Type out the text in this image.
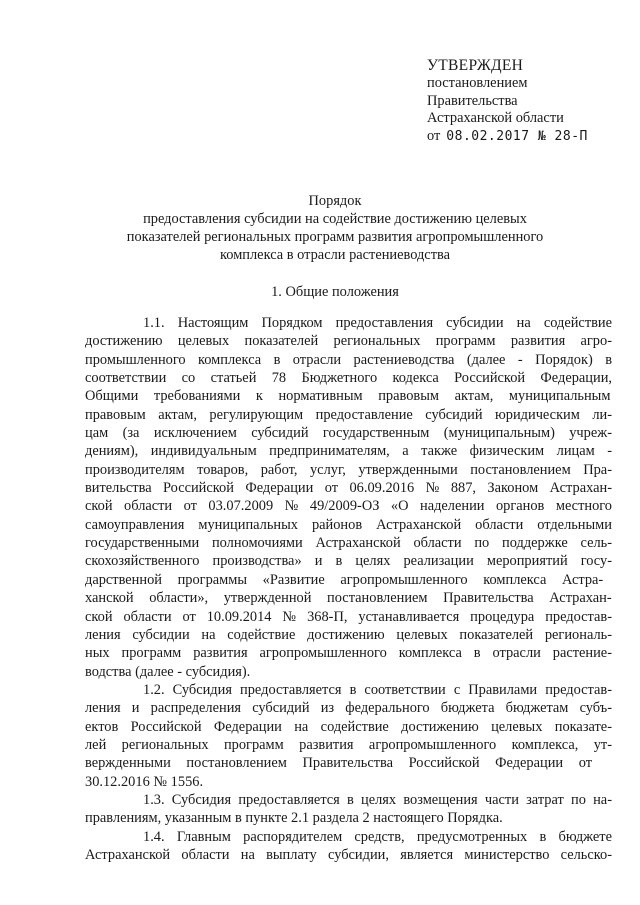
УТВЕРЖДЕН
постановлением
Правительства
Астраханской области
от 08.02.2017 № 28-П
Порядок
предоставления субсидии на содействие достижению целевых
показателей региональных программ развития агропромышленного
комплекса в отрасли растениеводства
1. Общие положения
1.1. Настоящим Порядком предоставления субсидии на содействие
достижению целевых показателей региональных программ развития агро-
промышленного комплекса в отрасли растениеводства (далее - Порядок) в
соответствии со статьей 78 Бюджетного кодекса Российской Федерации,
Общими требованиями к нормативным правовым актам, муниципальным
правовым актам, регулирующим предоставление субсидий юридическим ли-
цам (за исключением субсидий государственным (муниципальным) учреж-
дениям), индивидуальным предпринимателям, а также физическим лицам -
производителям товаров, работ, услуг, утвержденными постановлением Пра-
вительства Российской Федерации от 06.09.2016 № 887, Законом Астрахан-
ской области от 03.07.2009 № 49/2009-ОЗ «О наделении органов местного
самоуправления муниципальных районов Астраханской области отдельными
государственными полномочиями Астраханской области по поддержке сель-
скохозяйственного производства» и в целях реализации мероприятий госу-
дарственной программы «Развитие агропромышленного комплекса Астра-
ханской области», утвержденной постановлением Правительства Астрахан-
ской области от 10.09.2014 № 368-П, устанавливается процедура предостав-
ления субсидии на содействие достижению целевых показателей региональ-
ных программ развития агропромышленного комплекса в отрасли растение-
водства (далее - субсидия).
1.2. Субсидия предоставляется в соответствии с Правилами предостав-
ления и распределения субсидий из федерального бюджета бюджетам субъ-
ектов Российской Федерации на содействие достижению целевых показате-
лей региональных программ развития агропромышленного комплекса, ут-
вержденными постановлением Правительства Российской Федерации от
30.12.2016 № 1556.
1.3. Субсидия предоставляется в целях возмещения части затрат по на-
правлениям, указанным в пункте 2.1 раздела 2 настоящего Порядка.
1.4. Главным распорядителем средств, предусмотренных в бюджете
Астраханской области на выплату субсидии, является министерство сельско-
